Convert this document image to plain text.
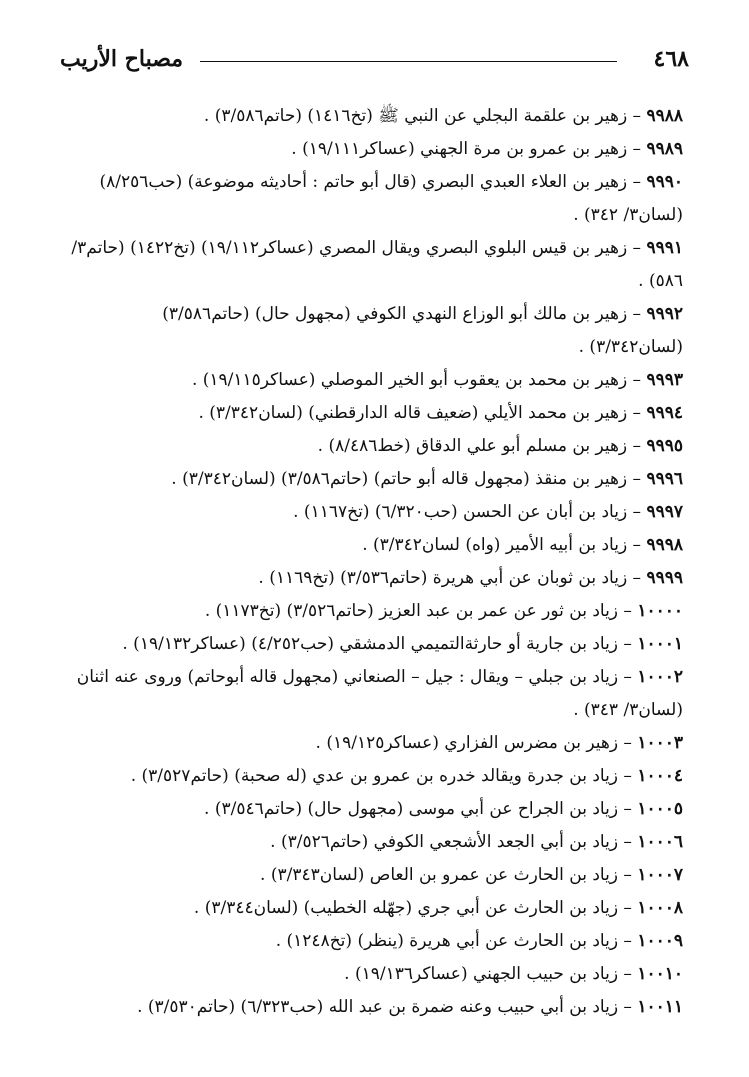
٤٦٨
مصباح الأريب
٩٩٨٨ – زهير بن علقمة البجلي عن النبي ﷺ (تخ١٤١٦) (حاتم٣/٥٨٦) .
٩٩٨٩ – زهير بن عمرو بن مرة الجهني (عساكر١٩/١١١) .
٩٩٩٠ – زهير بن العلاء العبدي البصري (قال أبو حاتم : أحاديثه موضوعة) (حب٨/٢٥٦) (لسان٣/ ٣٤٢) .
٩٩٩١ – زهير بن قيس البلوي البصري ويقال المصري (عساكر١٩/١١٢) (تخ١٤٢٢) (حاتم٣/ ٥٨٦) .
٩٩٩٢ – زهير بن مالك أبو الوزاع النهدي الكوفي (مجهول حال) (حاتم٣/٥٨٦) (لسان٣/٣٤٢) .
٩٩٩٣ – زهير بن محمد بن يعقوب أبو الخير الموصلي (عساكر١٩/١١٥) .
٩٩٩٤ – زهير بن محمد الأيلي (ضعيف قاله الدارقطني) (لسان٣/٣٤٢) .
٩٩٩٥ – زهير بن مسلم أبو علي الدقاق (خط٨/٤٨٦) .
٩٩٩٦ – زهير بن منقذ (مجهول قاله أبو حاتم) (حاتم٣/٥٨٦) (لسان٣/٣٤٢) .
٩٩٩٧ – زياد بن أبان عن الحسن (حب٦/٣٢٠) (تخ١١٦٧) .
٩٩٩٨ – زياد بن أبيه الأمير (واه) لسان٣/٣٤٢) .
٩٩٩٩ – زياد بن ثوبان عن أبي هريرة (حاتم٣/٥٣٦) (تخ١١٦٩) .
١٠٠٠٠ – زياد بن ثور عن عمر بن عبد العزيز (حاتم٣/٥٢٦) (تخ١١٧٣) .
١٠٠٠١ – زياد بن جارية أو حارثةالتميمي الدمشقي (حب٤/٢٥٢) (عساكر١٩/١٣٢) .
١٠٠٠٢ – زياد بن جبلي – ويقال : جيل – الصنعاني (مجهول قاله أبوحاتم) وروى عنه اثنان (لسان٣/ ٣٤٣) .
١٠٠٠٣ – زهير بن مضرس الفزاري (عساكر١٩/١٢٥) .
١٠٠٠٤ – زياد بن جدرة ويقالد خدره بن عمرو بن عدي (له صحبة) (حاتم٣/٥٢٧) .
١٠٠٠٥ – زياد بن الجراح عن أبي موسى (مجهول حال) (حاتم٣/٥٤٦) .
١٠٠٠٦ – زياد بن أبي الجعد الأشجعي الكوفي (حاتم٣/٥٢٦) .
١٠٠٠٧ – زياد بن الحارث عن عمرو بن العاص (لسان٣/٣٤٣) .
١٠٠٠٨ – زياد بن الحارث عن أبي جري (جهّله الخطيب) (لسان٣/٣٤٤) .
١٠٠٠٩ – زياد بن الحارث عن أبي هريرة (ينظر) (تخ١٢٤٨) .
١٠٠١٠ – زياد بن حبيب الجهني (عساكر١٩/١٣٦) .
١٠٠١١ – زياد بن أبي حبيب وعنه ضمرة بن عبد الله (حب٦/٣٢٣) (حاتم٣/٥٣٠) .
